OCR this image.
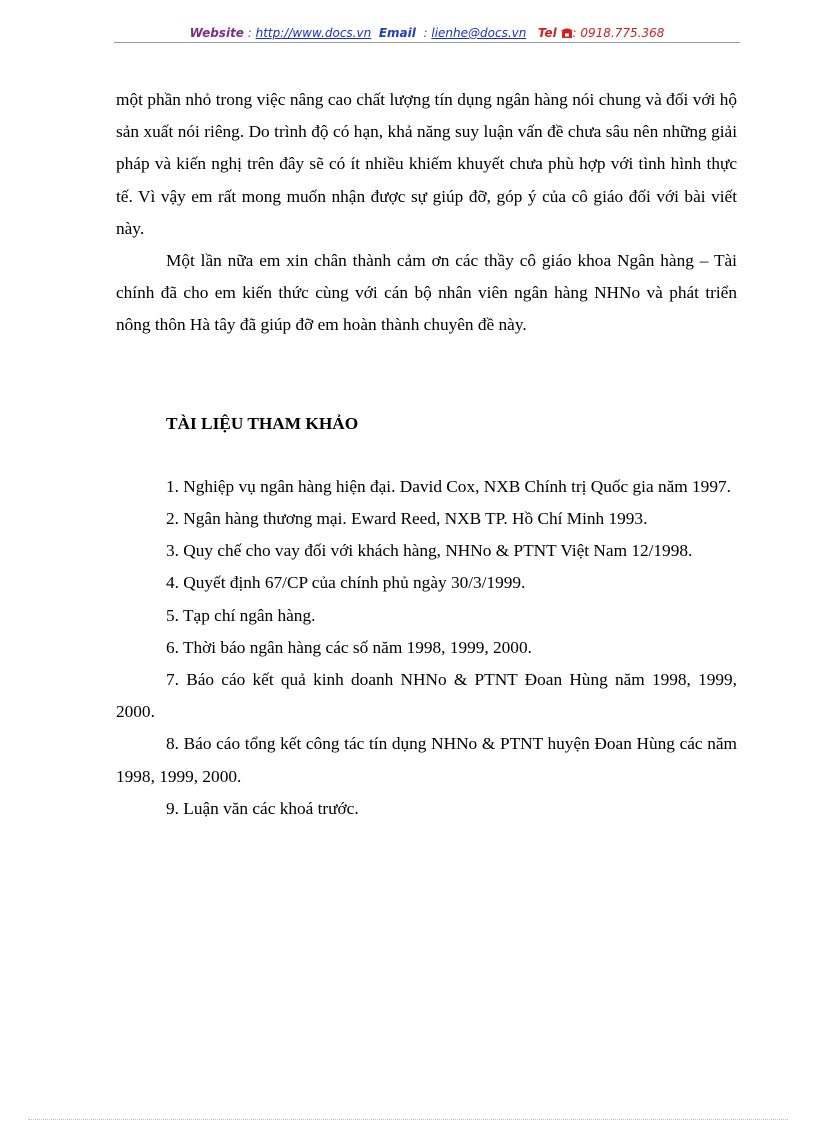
Website : http://www.docs.vn Email  : lienhe@docs.vn Tel : 0918.775.368

một phần nhỏ trong việc nâng cao chất lượng tín dụng ngân hàng nói chung và đối với hộ sản xuất nói riêng. Do trình độ có hạn, khả năng suy luận vấn đề chưa sâu nên những giải pháp và kiến nghị trên đây sẽ có ít nhiều khiếm khuyết chưa phù hợp với tình hình thực tế. Vì vậy em rất mong muốn nhận được sự giúp đỡ, góp ý của cô giáo đối với bài viết này.

Một lần nữa em xin chân thành cảm ơn các thầy cô giáo khoa Ngân hàng – Tài chính đã cho em kiến thức cùng với cán bộ nhân viên ngân hàng NHNo và phát triển nông thôn Hà tây đã giúp đỡ em hoàn thành chuyên đề này.

TÀI LIỆU THAM KHẢO

1. Nghiệp vụ ngân hàng hiện đại. David Cox, NXB Chính trị Quốc gia năm 1997.

2. Ngân hàng thương mại. Eward Reed, NXB TP. Hồ Chí Minh 1993.

3. Quy chế cho vay đối với khách hàng, NHNo & PTNT Việt Nam 12/1998.

4. Quyết định 67/CP của chính phủ ngày 30/3/1999.

5. Tạp chí ngân hàng.

6. Thời báo ngân hàng các số năm 1998, 1999, 2000.

7. Báo cáo kết quả kinh doanh NHNo & PTNT Đoan Hùng năm 1998, 1999, 2000.

8. Báo cáo tổng kết công tác tín dụng NHNo & PTNT huyện Đoan Hùng các năm 1998, 1999, 2000.

9. Luận văn các khoá trước.
